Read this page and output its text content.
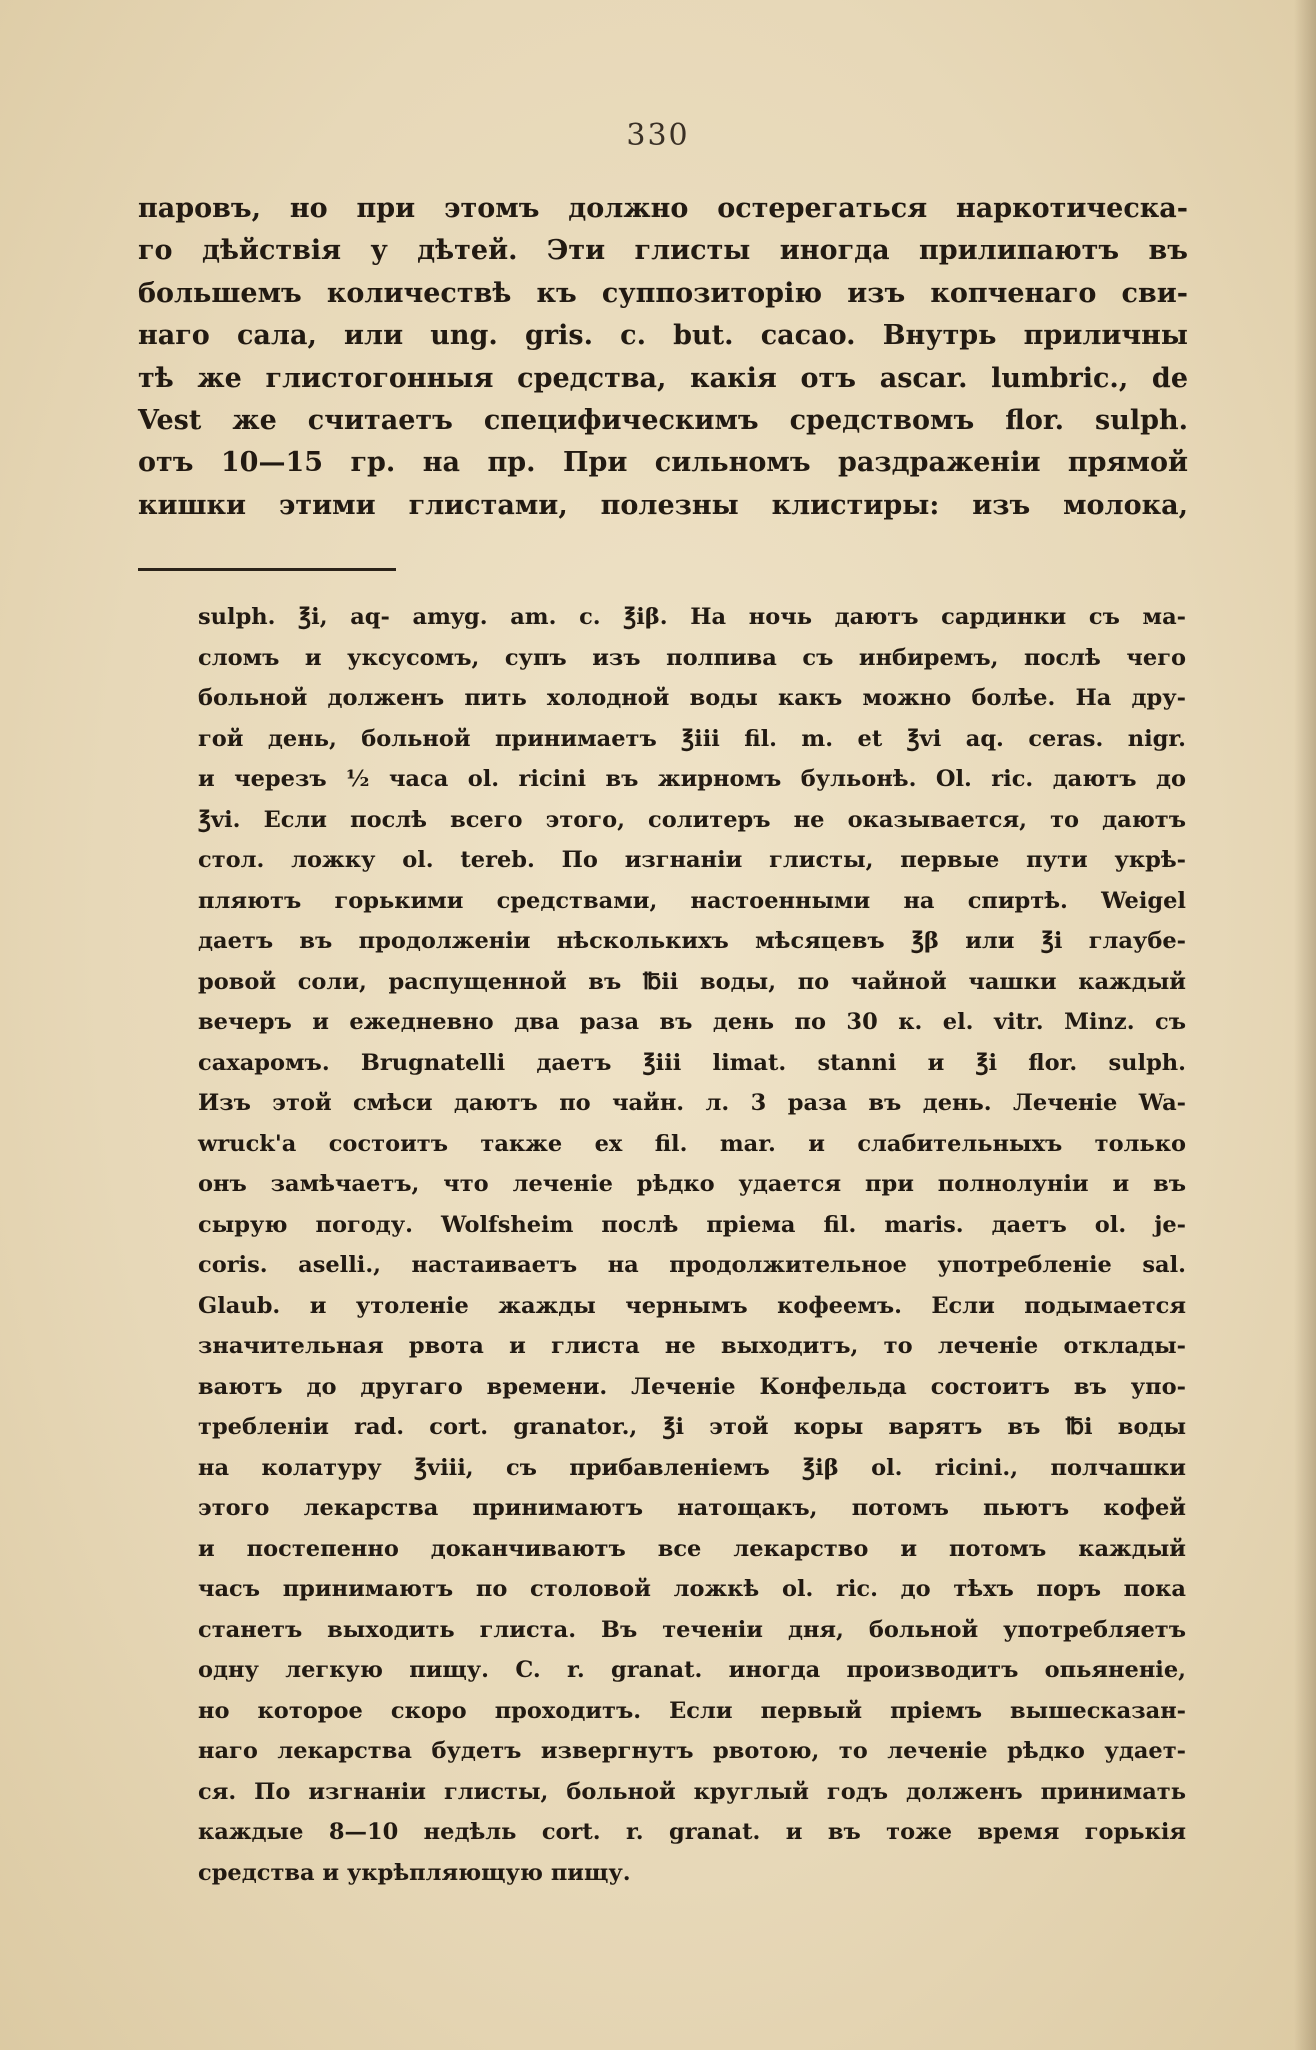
330
паровъ, но при этомъ должно остерегаться наркотическа-
го дѣйствія у дѣтей. Эти глисты иногда прилипаютъ въ
большемъ количествѣ къ суппозиторію изъ копченаго сви-
наго сала, или ung. gris. c. but. cacao. Внутрь приличны
тѣ же глистогонныя средства, какія отъ ascar. lumbric., de
Vest же считаетъ специфическимъ средствомъ flor. sulph.
отъ 10—15 гр. на пр. При сильномъ раздраженіи прямой
кишки этими глистами, полезны клистиры: изъ молока,
sulph. ℥i, aq- amyg. am. c. ℥iβ. На ночь даютъ сардинки съ ма-
сломъ и уксусомъ, супъ изъ полпива съ инбиремъ, послѣ чего
больной долженъ пить холодной воды какъ можно болѣе. На дру-
гой день, больной принимаетъ ℥iii fil. m. et ℥vi aq. ceras. nigr.
и черезъ ½ часа ol. ricini въ жирномъ бульонѣ. Ol. ric. даютъ до
℥vi. Если послѣ всего этого, солитеръ не оказывается, то даютъ
стол. ложку ol. tereb. По изгнаніи глисты, первые пути укрѣ-
пляютъ горькими средствами, настоенными на спиртѣ. Weigel
даетъ въ продолженіи нѣсколькихъ мѣсяцевъ ℥β или ℥i глаубе-
ровой соли, распущенной въ ℔ii воды, по чайной чашки каждый
вечеръ и ежедневно два раза въ день по 30 к. el. vitr. Minz. съ
сахаромъ. Brugnatelli даетъ ℥iii limat. stanni и ℥i flor. sulph.
Изъ этой смѣси даютъ по чайн. л. 3 раза въ день. Леченіе Wa-
wruck'а состоитъ также ex fil. mar. и слабительныхъ только
онъ замѣчаетъ, что леченіе рѣдко удается при полнолуніи и въ
сырую погоду. Wolfsheim послѣ пріема fil. maris. даетъ ol. je-
coris. aselli., настаиваетъ на продолжительное употребленіе sal.
Glaub. и утоленіе жажды чернымъ кофеемъ. Если подымается
значительная рвота и глиста не выходитъ, то леченіе отклады-
ваютъ до другаго времени. Леченіе Конфельда состоитъ въ упо-
требленіи rad. cort. granator., ℥i этой коры варятъ въ ℔i воды
на колатуру ℥viii, съ прибавленіемъ ℥iβ ol. ricini., полчашки
этого лекарства принимаютъ натощакъ, потомъ пьютъ кофей
и постепенно доканчиваютъ все лекарство и потомъ каждый
часъ принимаютъ по столовой ложкѣ ol. ric. до тѣхъ поръ пока
станетъ выходить глиста. Въ теченіи дня, больной употребляетъ
одну легкую пищу. C. r. granat. иногда производитъ опьяненіе,
но которое скоро проходитъ. Если первый пріемъ вышесказан-
наго лекарства будетъ извергнутъ рвотою, то леченіе рѣдко удает-
ся. По изгнаніи глисты, больной круглый годъ долженъ принимать
каждые 8—10 недѣль cort. r. granat. и въ тоже время горькія
средства и укрѣпляющую пищу.
